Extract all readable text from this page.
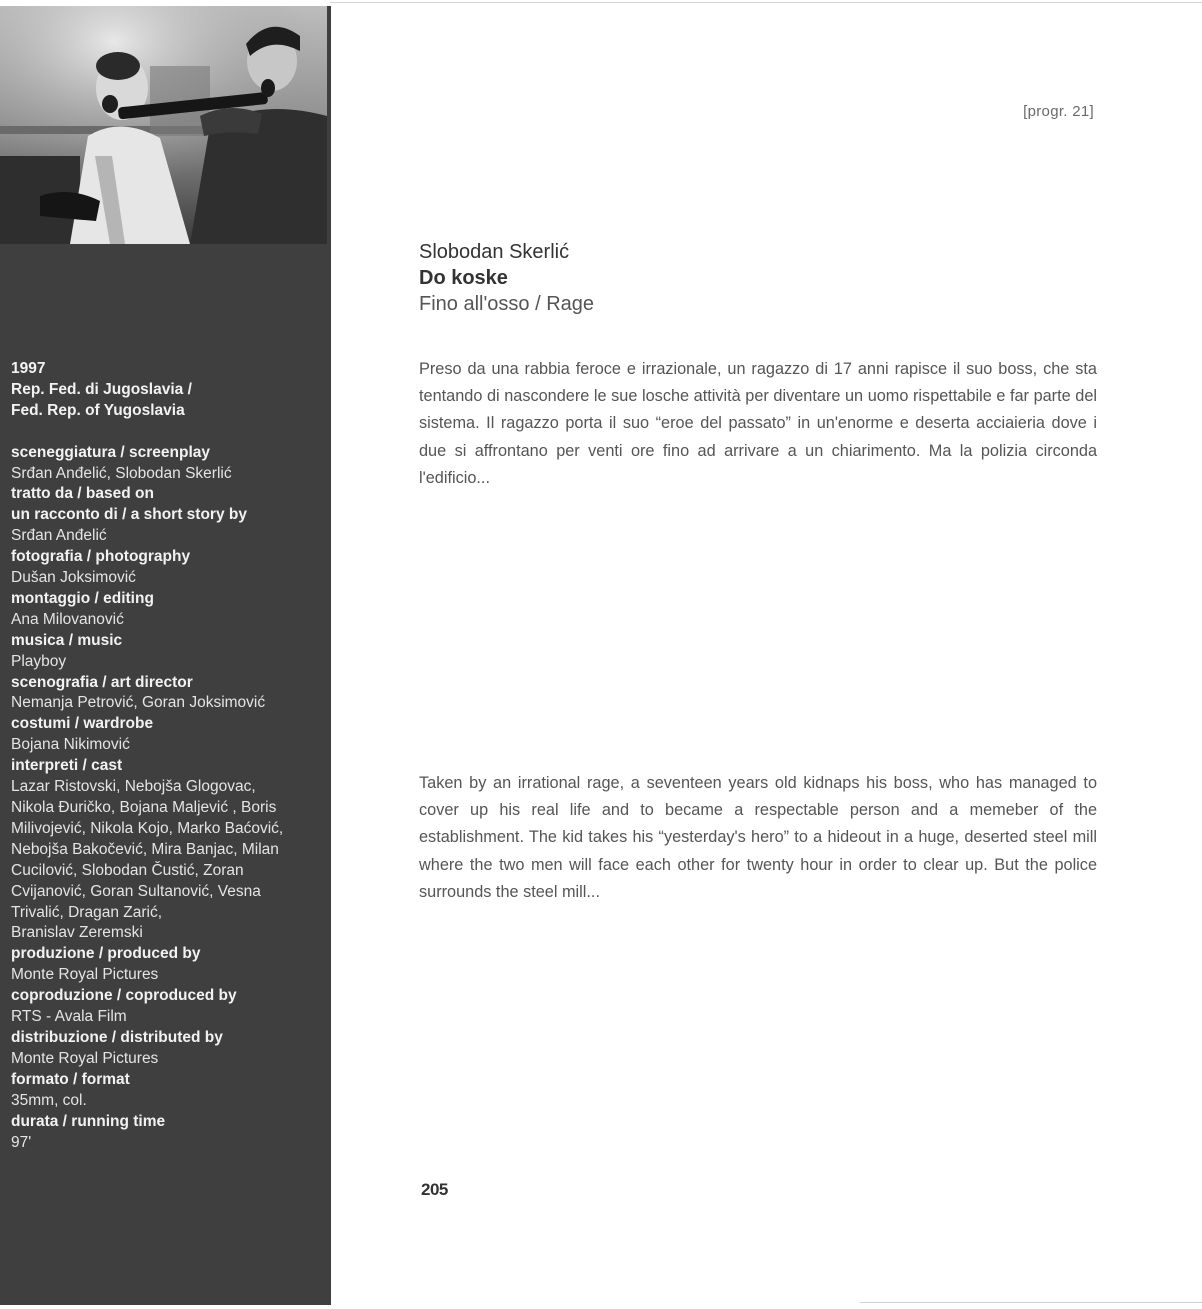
1997
Rep. Fed. di Jugoslavia /
Fed. Rep. of Yugoslavia
sceneggiatura / screenplay
Srđan Anđelić, Slobodan Skerlić
tratto da / based on
un racconto di / a short story by
Srđan Anđelić
fotografia / photography
Dušan Joksimović
montaggio / editing
Ana Milovanović
musica / music
Playboy
scenografia / art director
Nemanja Petrović, Goran Joksimović
costumi / wardrobe
Bojana Nikimović
interpreti / cast
Lazar Ristovski, Nebojša Glogovac,
Nikola Đuričko, Bojana Maljević , Boris
Milivojević, Nikola Kojo, Marko Baćović,
Nebojša Bakočević, Mira Banjac, Milan
Cucilović, Slobodan Čustić, Zoran
Cvijanović, Goran Sultanović, Vesna
Trivalić, Dragan Zarić,
Branislav Zeremski
produzione / produced by
Monte Royal Pictures
coproduzione / coproduced by
RTS - Avala Film
distribuzione / distributed by
Monte Royal Pictures
formato / format
35mm, col.
durata / running time
97'
[progr. 21]
Slobodan Skerlić
Do koske
Fino all'osso / Rage

Preso da una rabbia feroce e irrazionale, un ragazzo di 17 anni rapisce il suo boss, che sta tentando di nascondere le sue losche attività per diventare un uomo rispettabile e far parte del sistema. Il ragazzo porta il suo “eroe del passato” in un'enorme e deserta acciaieria dove i due si affrontano per venti ore fino ad arrivare a un chiarimento. Ma la polizia circonda l'edificio...

Taken by an irrational rage, a seventeen years old kidnaps his boss, who has managed to cover up his real life and to became a respectable person and a memeber of the establishment. The kid takes his “yesterday's hero” to a hideout in a huge, deserted steel mill where the two men will face each other for twenty hour in order to clear up. But the police surrounds the steel mill...

205
